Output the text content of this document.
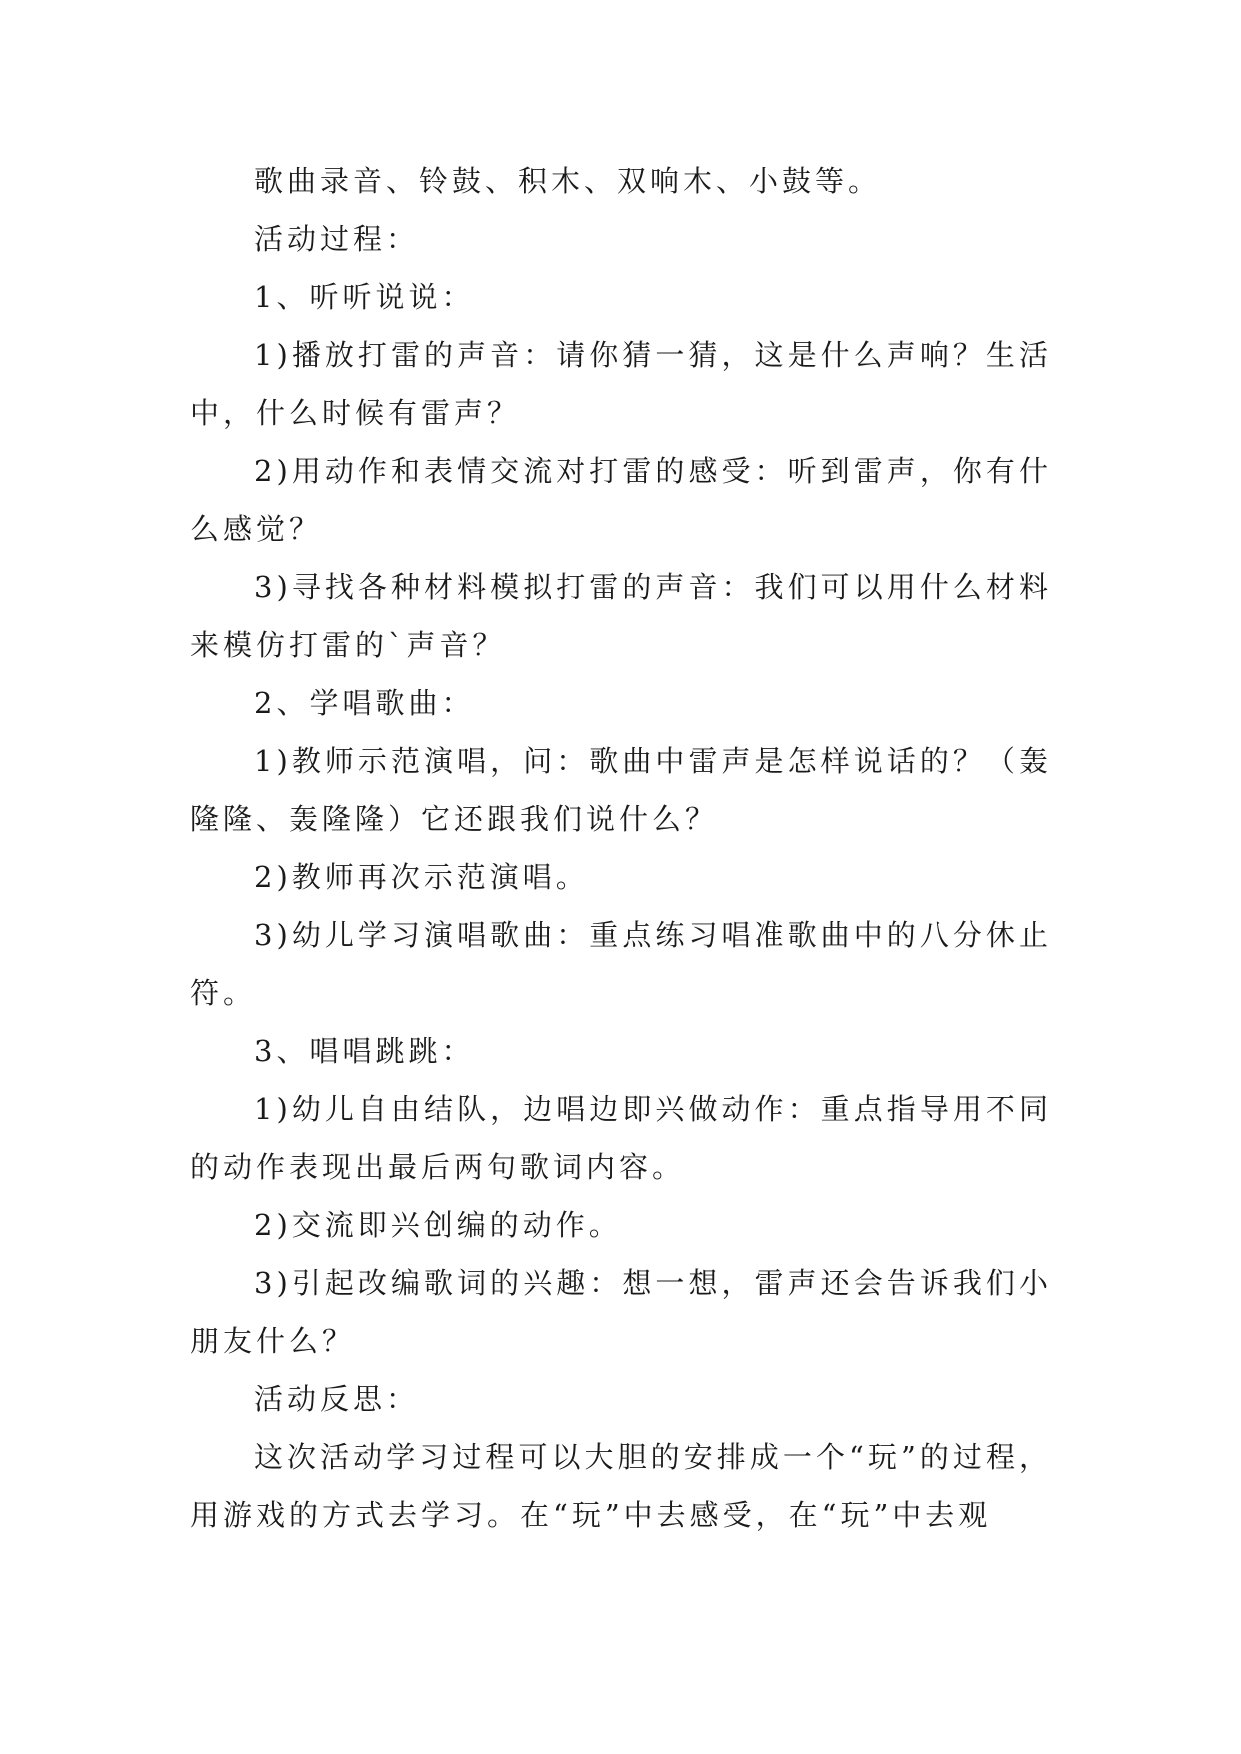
歌曲录音、铃鼓、积木、双响木、小鼓等。

活动过程：

1、听听说说：

1)播放打雷的声音：请你猜一猜，这是什么声响？生活中，什么时候有雷声？

2)用动作和表情交流对打雷的感受：听到雷声，你有什么感觉？

3)寻找各种材料模拟打雷的声音：我们可以用什么材料来模仿打雷的`声音？

2、学唱歌曲：

1)教师示范演唱，问：歌曲中雷声是怎样说话的？（轰隆隆、轰隆隆）它还跟我们说什么？

2)教师再次示范演唱。

3)幼儿学习演唱歌曲：重点练习唱准歌曲中的八分休止符。

3、唱唱跳跳：

1)幼儿自由结队，边唱边即兴做动作：重点指导用不同的动作表现出最后两句歌词内容。

2)交流即兴创编的动作。

3)引起改编歌词的兴趣：想一想，雷声还会告诉我们小朋友什么？

活动反思：

这次活动学习过程可以大胆的安排成一个“玩”的过程，用游戏的方式去学习。在“玩”中去感受，在“玩”中去观
